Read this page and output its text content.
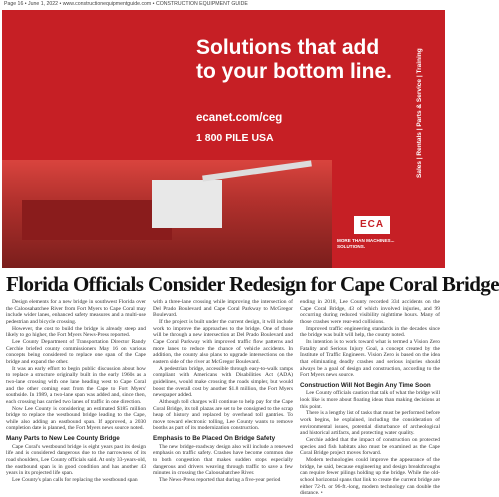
Page 16 • June 1, 2022 • www.constructionequipmentguide.com • CONSTRUCTION EQUIPMENT GUIDE
Solutions that add to your bottom line.
ecanet.com/ceg
1 800 PILE USA	Sales | Rentals | Parts & Service | Training
ECA
MORE THAN MACHINES... SOLUTIONS.
Florida Officials Consider Redesign for Cape Coral Bridge

Design elements for a new bridge in southwest Florida over the Caloosahatchee River from Fort Myers to Cape Coral may include wider lanes, enhanced safety measures and a multi-use pedestrian and bicycle crossing.

However, the cost to build the bridge is already steep and likely to go higher, the Fort Myers News-Press reported.

Lee County Department of Transportation Director Randy Cerchie briefed county commissioners May 16 on various concepts being considered to replace one span of the Cape bridge and expand the other.

It was an early effort to begin public discussion about how to replace a structure originally built in the early 1960s as a two-lane crossing with one lane heading west to Cape Coral and the other coming east from the Cape to Fort Myers' southside. In 1989, a two-lane span was added and, since then, each crossing has carried two lanes of traffic in one direction.

Now Lee County is considering an estimated $185 million bridge to replace the westbound bridge leading to the Cape, while also adding an eastbound span. If approved, a 2030 completion date is planned, the Fort Myers news source noted.

Many Parts to New Lee County Bridge

Cape Coral's westbound bridge is eight years past its design life and is considered dangerous due to the narrowness of its road shoulders, Lee County officials said. At only 33-years-old, the eastbound span is in good condition and has another 43 years in its projected life span.

Lee County's plan calls for replacing the westbound span

with a three-lane crossing while improving the intersection of Del Prado Boulevard and Cape Coral Parkway to McGregor Boulevard.

If the project is built under the current design, it will include work to improve the approaches to the bridge. One of those will be through a new intersection at Del Prado Boulevard and Cape Coral Parkway with improved traffic flow patterns and more lanes to reduce the chance of vehicle accidents. In addition, the county also plans to upgrade intersections on the eastern side of the river at McGregor Boulevard.

A pedestrian bridge, accessible through easy-to-walk ramps compliant with Americans with Disabilities Act (ADA) guidelines, would make crossing the roads simpler, but would boost the overall cost by another $1.8 million, the Fort Myers newspaper added.

Although toll charges will continue to help pay for the Cape Coral Bridge, its toll plazas are set to be consigned to the scrap heap of history and replaced by overhead toll gantries. To move toward electronic tolling, Lee County wants to remove booths as part of its modernization construction.

Emphasis to Be Placed On Bridge Safety

The new bridge-roadway design also will include a renewed emphasis on traffic safety. Crashes have become common due to both congestion that makes sudden stops especially dangerous and drivers weaving through traffic to save a few minutes in crossing the Caloosahatchee River.

The News-Press reported that during a five-year period

ending in 2018, Lee County recorded 334 accidents on the Cape Coral Bridge, 43 of which involved injuries, and 99 occurring during reduced visibility nighttime hours. Many of those crashes were rear-end collisions.

Improved traffic engineering standards in the decades since the bridge was built will help, the county noted.

Its intention is to work toward what is termed a Vision Zero Fatality and Serious Injury Goal, a concept created by the Institute of Traffic Engineers. Vision Zero is based on the idea that eliminating deadly crashes and serious injuries should always be a goal of design and construction, according to the Fort Myers news source.

Construction Will Not Begin Any Time Soon

Lee County officials caution that talk of what the bridge will look like is more about floating ideas than making decisions at this point.

There is a lengthy list of tasks that must be performed before work begins, he explained, including the consideration of environmental issues, potential disturbance of archeological and historical artifacts, and protecting water quality.

Cerchie added that the impact of construction on protected species and fish habitats also must be examined as the Cape Coral Bridge project moves forward.

Modern technologies could improve the appearance of the bridge, he said, because engineering and design breakthroughs can require fewer pilings holding up the bridge. While the old-school horizontal spans that link to create the current bridge are either 72-ft. or 96-ft.-long, modern technology can double the distance. •
